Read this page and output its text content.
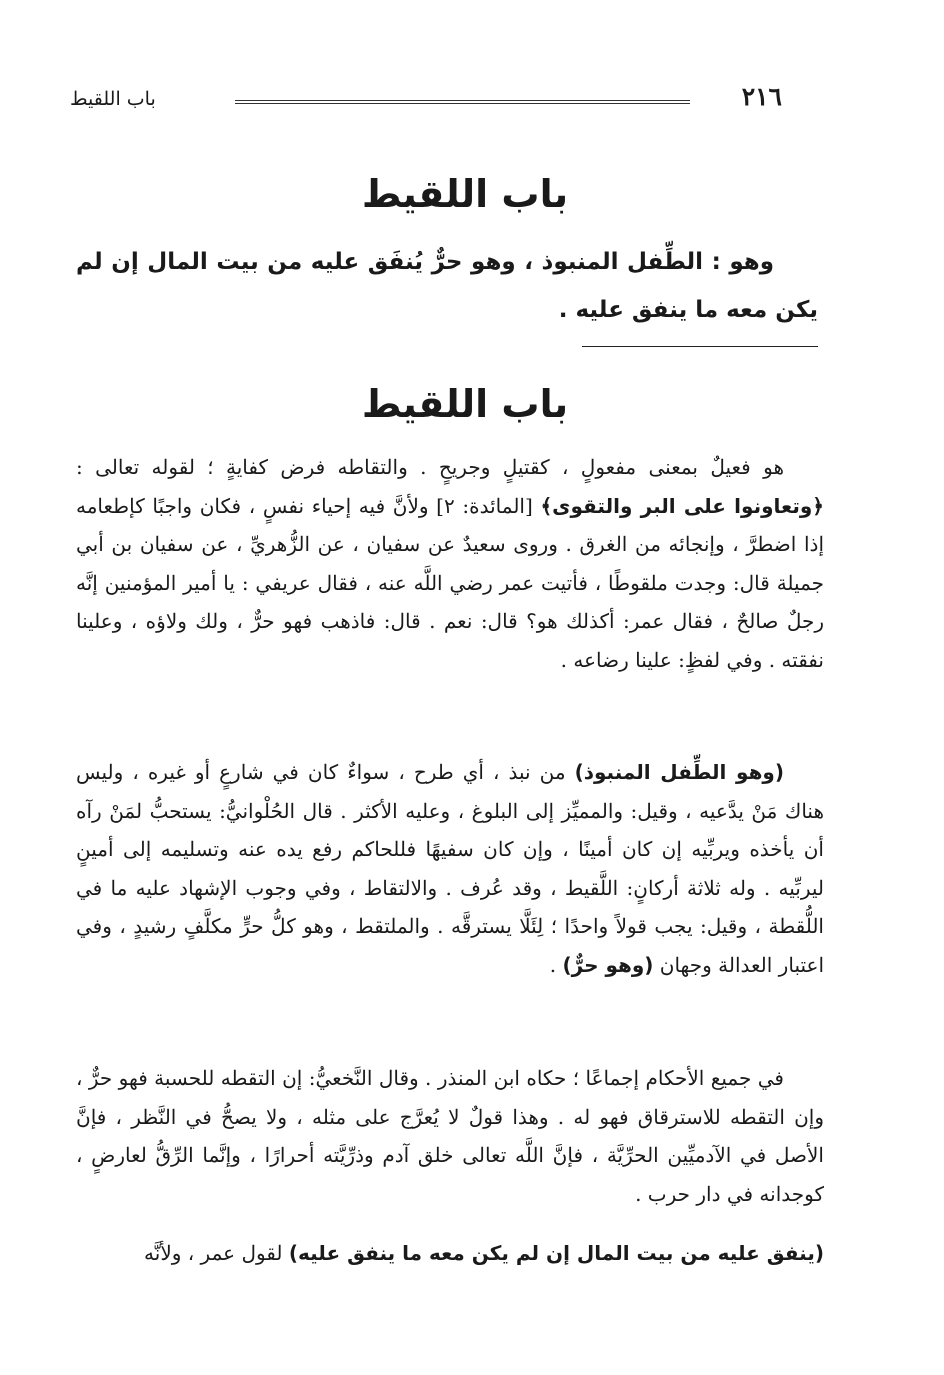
٢١٦
باب اللقيط
باب اللقيط

وهو : الطِّفل المنبوذ ، وهو حرٌّ يُنفَق عليه من بيت المال إن لم يكن معه ما ينفق عليه .

باب اللقيط

هو فعيلٌ بمعنى مفعولٍ ، كقتيلٍ وجريحٍ . والتقاطه فرض كفايةٍ ؛ لقوله تعالى : ﴿وتعاونوا على البر والتقوى﴾ [المائدة: ٢] ولأنَّ فيه إحياء نفسٍ ، فكان واجبًا كإطعامه إذا اضطرَّ ، وإنجائه من الغرق . وروى سعيدٌ عن سفيان ، عن الزُّهريِّ ، عن سفيان بن أبي جميلة قال: وجدت ملقوطًا ، فأتيت عمر رضي اللَّه عنه ، فقال عريفي : يا أمير المؤمنين إنَّه رجلٌ صالحٌ ، فقال عمر: أكذلك هو؟ قال: نعم . قال: فاذهب فهو حرٌّ ، ولك ولاؤه ، وعلينا نفقته . وفي لفظٍ: علينا رضاعه .

(وهو الطِّفل المنبوذ) من نبذ ، أي طرح ، سواءٌ كان في شارعٍ أو غيره ، وليس هناك مَنْ يدَّعيه ، وقيل: والمميِّز إلى البلوغ ، وعليه الأكثر . قال الحُلْوانيُّ: يستحبُّ لمَنْ رآه أن يأخذه ويربِّيه إن كان أمينًا ، وإن كان سفيهًا فللحاكم رفع يده عنه وتسليمه إلى أمينٍ ليربِّيه . وله ثلاثة أركانٍ: اللَّقيط ، وقد عُرف . والالتقاط ، وفي وجوب الإشهاد عليه ما في اللُّقطة ، وقيل: يجب قولاً واحدًا ؛ لِئَلَّا يسترقَّه . والملتقط ، وهو كلُّ حرٍّ مكلَّفٍ رشيدٍ ، وفي اعتبار العدالة وجهان (وهو حرٌّ) .

في جميع الأحكام إجماعًا ؛ حكاه ابن المنذر . وقال النَّخعيُّ: إن التقطه للحسبة فهو حرٌّ ، وإن التقطه للاسترقاق فهو له . وهذا قولٌ لا يُعرَّج على مثله ، ولا يصحُّ في النَّظر ، فإنَّ الأصل في الآدميِّين الحرِّيَّة ، فإنَّ اللَّه تعالى خلق آدم وذرِّيَّته أحرارًا ، وإنَّما الرِّقُّ لعارضٍ ، كوجدانه في دار حرب .

(ينفق عليه من بيت المال إن لم يكن معه ما ينفق عليه) لقول عمر ، ولأنَّه
